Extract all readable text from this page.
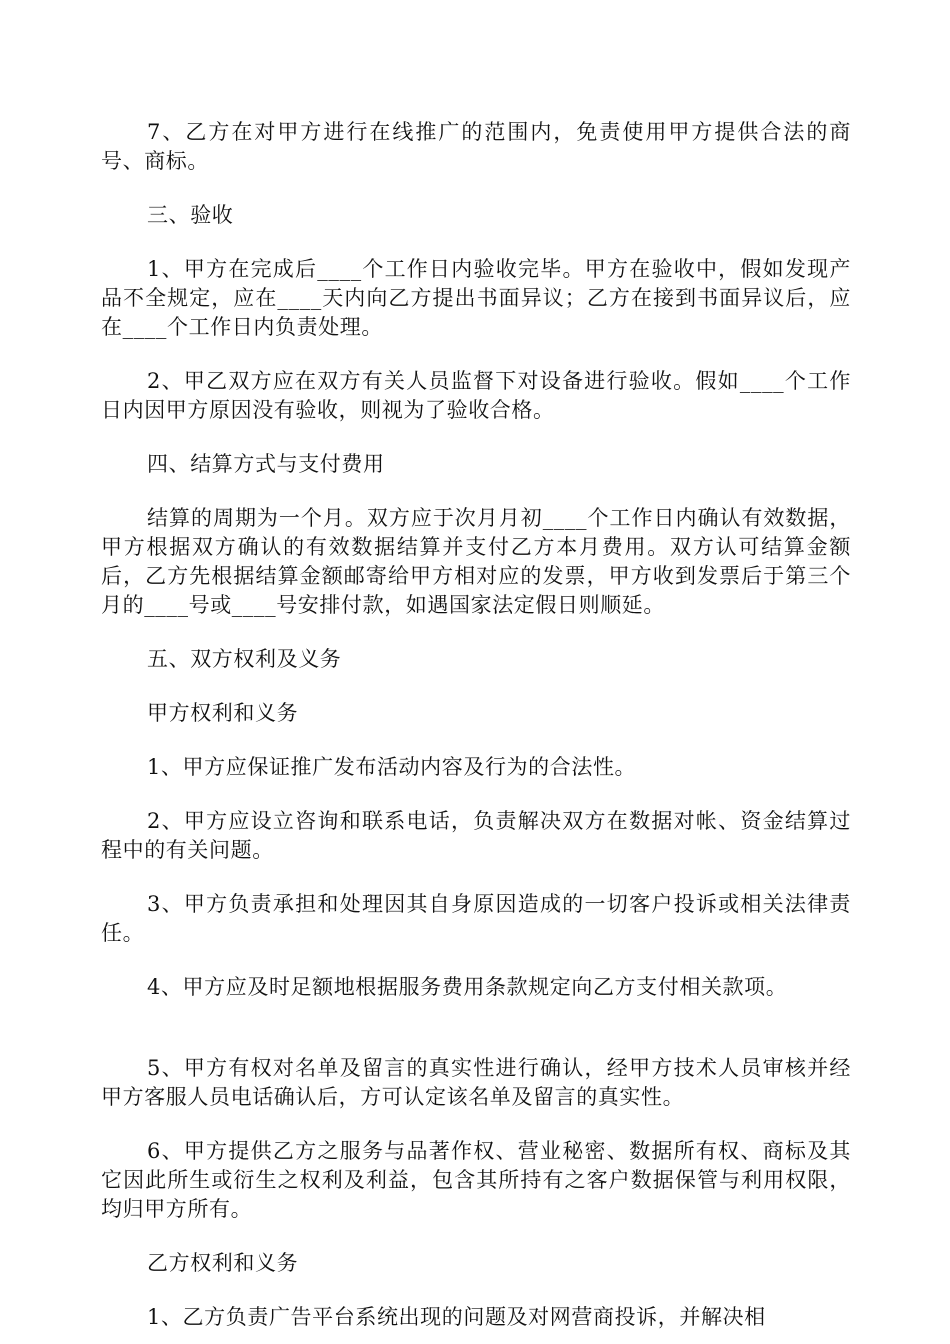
7、乙方在对甲方进行在线推广的范围内，免责使用甲方提供合法的商号、商标。

三、验收

1、甲方在完成后____个工作日内验收完毕。甲方在验收中，假如发现产品不全规定，应在____天内向乙方提出书面异议；乙方在接到书面异议后，应在____个工作日内负责处理。

2、甲乙双方应在双方有关人员监督下对设备进行验收。假如____个工作日内因甲方原因没有验收，则视为了验收合格。

四、结算方式与支付费用

结算的周期为一个月。双方应于次月月初____个工作日内确认有效数据，甲方根据双方确认的有效数据结算并支付乙方本月费用。双方认可结算金额后，乙方先根据结算金额邮寄给甲方相对应的发票，甲方收到发票后于第三个月的____号或____号安排付款，如遇国家法定假日则顺延。

五、双方权利及义务

甲方权利和义务

1、甲方应保证推广发布活动内容及行为的合法性。

2、甲方应设立咨询和联系电话，负责解决双方在数据对帐、资金结算过程中的有关问题。

3、甲方负责承担和处理因其自身原因造成的一切客户投诉或相关法律责任。

4、甲方应及时足额地根据服务费用条款规定向乙方支付相关款项。

5、甲方有权对名单及留言的真实性进行确认，经甲方技术人员审核并经甲方客服人员电话确认后，方可认定该名单及留言的真实性。

6、甲方提供乙方之服务与品著作权、营业秘密、数据所有权、商标及其它因此所生或衍生之权利及利益，包含其所持有之客户数据保管与利用权限，均归甲方所有。

乙方权利和义务

1、乙方负责广告平台系统出现的问题及对网营商投诉，并解决相
